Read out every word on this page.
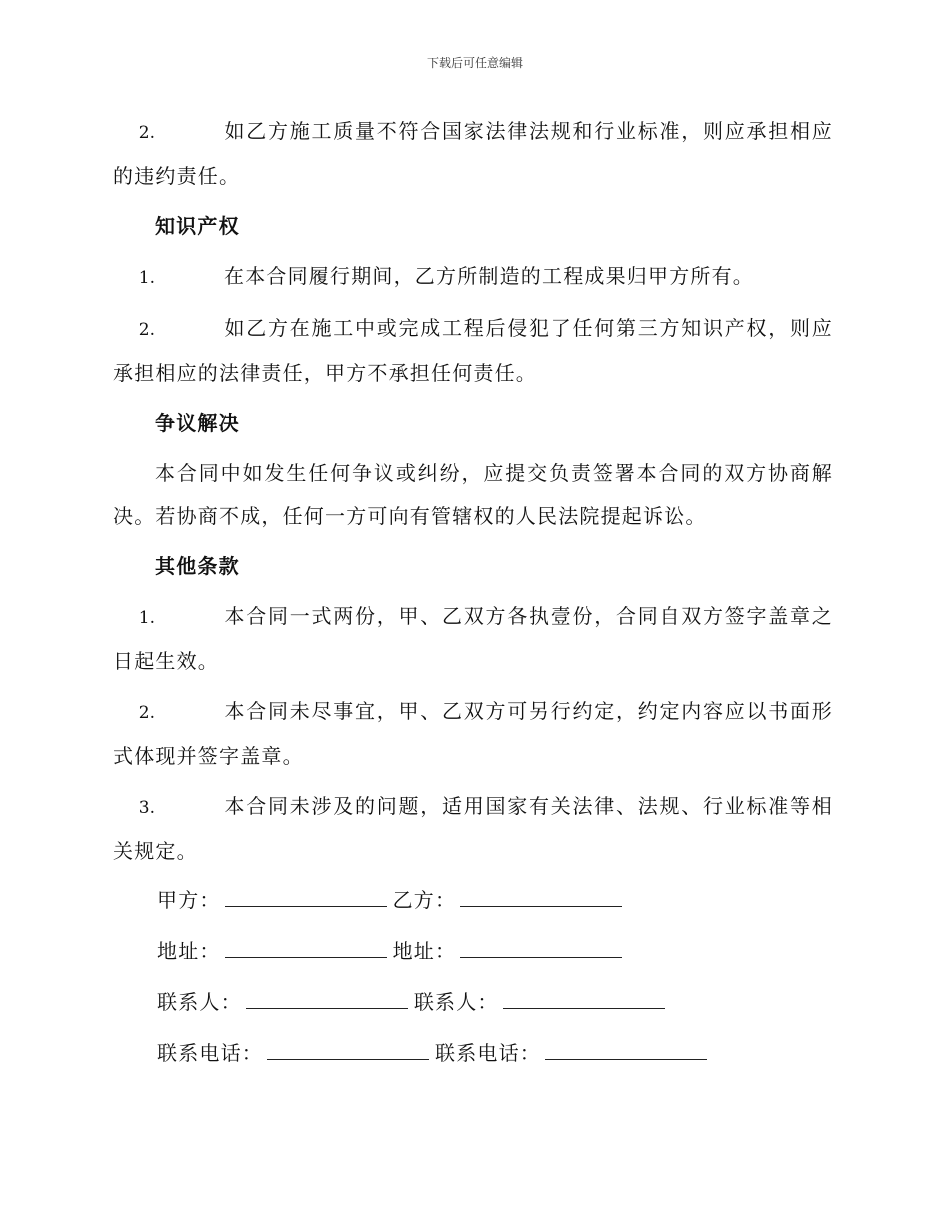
下载后可任意编辑

2.	如乙方施工质量不符合国家法律法规和行业标准，则应承担相应的违约责任。

知识产权

1.	在本合同履行期间，乙方所制造的工程成果归甲方所有。

2.	如乙方在施工中或完成工程后侵犯了任何第三方知识产权，则应承担相应的法律责任，甲方不承担任何责任。

争议解决

本合同中如发生任何争议或纠纷，应提交负责签署本合同的双方协商解决。若协商不成，任何一方可向有管辖权的人民法院提起诉讼。

其他条款

1.	本合同一式两份，甲、乙双方各执壹份，合同自双方签字盖章之日起生效。

2.	本合同未尽事宜，甲、乙双方可另行约定，约定内容应以书面形式体现并签字盖章。

3.	本合同未涉及的问题，适用国家有关法律、法规、行业标准等相关规定。

甲方：	乙方：
地址：	地址：
联系人：	联系人：
联系电话：	联系电话：
